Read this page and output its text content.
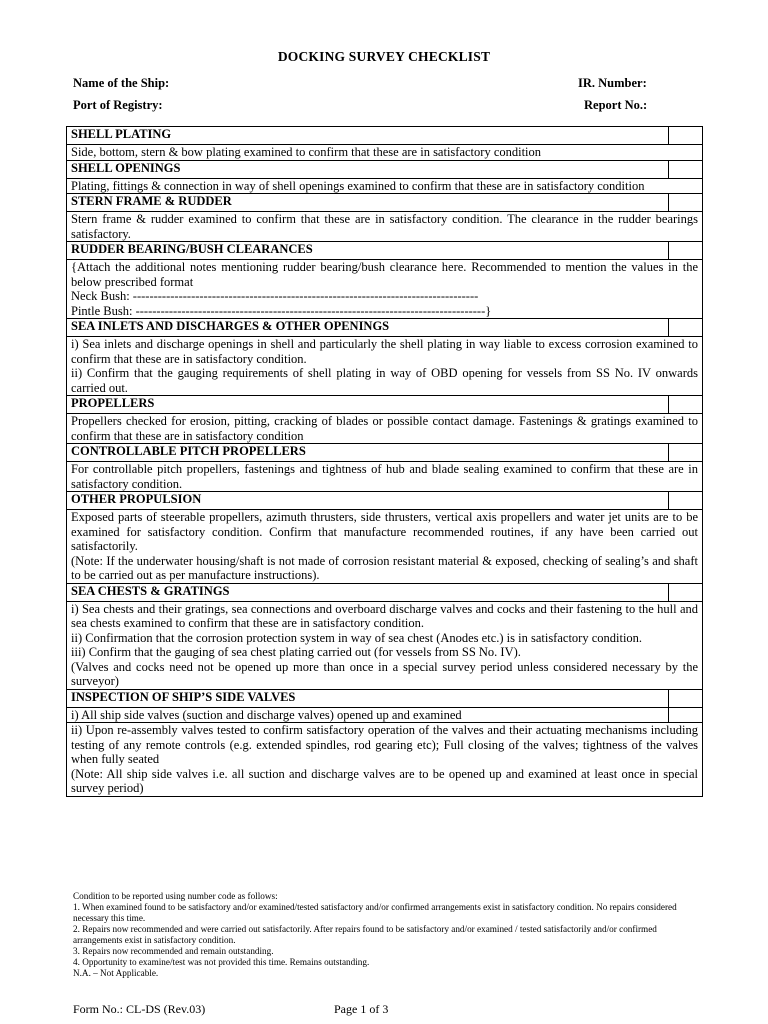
DOCKING SURVEY CHECKLIST
Name of the Ship:	IR. Number:
Port of Registry:	Report No.:
SHELL PLATING	

Side, bottom, stern & bow plating examined to confirm that these are in satisfactory condition	

SHELL OPENINGS	

Plating, fittings & connection in way of shell openings examined to confirm that these are in satisfactory condition	

STERN FRAME & RUDDER	

Stern frame & rudder examined to confirm that these are in satisfactory condition. The clearance in the rudder bearings satisfactory.	

RUDDER BEARING/BUSH CLEARANCES	

{Attach the additional notes mentioning rudder bearing/bush clearance here. Recommended to mention the values in the below prescribed format
Neck Bush: -----------------------------------------------------------------------------------
Pintle Bush: ------------------------------------------------------------------------------------}	

SEA INLETS AND DISCHARGES & OTHER OPENINGS	

i) Sea inlets and discharge openings in shell and particularly the shell plating in way liable to excess corrosion examined to confirm that these are in satisfactory condition.
ii) Confirm that the gauging requirements of shell plating in way of OBD opening for vessels from SS No. IV onwards carried out.	

PROPELLERS	

Propellers checked for erosion, pitting, cracking of blades or possible contact damage. Fastenings & gratings examined to confirm that these are in satisfactory condition	

CONTROLLABLE PITCH PROPELLERS	

For controllable pitch propellers, fastenings and tightness of hub and blade sealing examined to confirm that these are in satisfactory condition.	

OTHER PROPULSION	

Exposed parts of steerable propellers, azimuth thrusters, side thrusters, vertical axis propellers and water jet units are to be examined for satisfactory condition. Confirm that manufacture recommended routines, if any have been carried out satisfactorily.
(Note: If the underwater housing/shaft is not made of corrosion resistant material & exposed, checking of sealing’s and shaft to be carried out as per manufacture instructions).	

SEA CHESTS & GRATINGS	

i) Sea chests and their gratings, sea connections and overboard discharge valves and cocks and their fastening to the hull and sea chests examined to confirm that these are in satisfactory condition.
ii) Confirmation that the corrosion protection system in way of sea chest (Anodes etc.) is in satisfactory condition.
iii) Confirm that the gauging of sea chest plating carried out (for vessels from SS No. IV).
(Valves and cocks need not be opened up more than once in a special survey period unless considered necessary by the surveyor)	

INSPECTION OF SHIP’S SIDE VALVES	

i) All ship side valves (suction and discharge valves) opened up and examined	

ii) Upon re-assembly valves tested to confirm satisfactory operation of the valves and their actuating mechanisms including testing of any remote controls (e.g. extended spindles, rod gearing etc); Full closing of the valves; tightness of the valves when fully seated
(Note: All ship side valves i.e. all suction and discharge valves are to be opened up and examined at least once in special survey period)	
Condition to be reported using number code as follows:
1. When examined found to be satisfactory and/or examined/tested satisfactory and/or confirmed arrangements exist in satisfactory condition. No repairs considered necessary this time.
2. Repairs now recommended and were carried out satisfactorily. After repairs found to be satisfactory and/or examined / tested satisfactorily and/or confirmed arrangements exist in satisfactory condition.
3. Repairs now recommended and remain outstanding.
4. Opportunity to examine/test was not provided this time. Remains outstanding.
N.A. – Not Applicable.
Form No.: CL-DS (Rev.03)	Page 1 of 3
